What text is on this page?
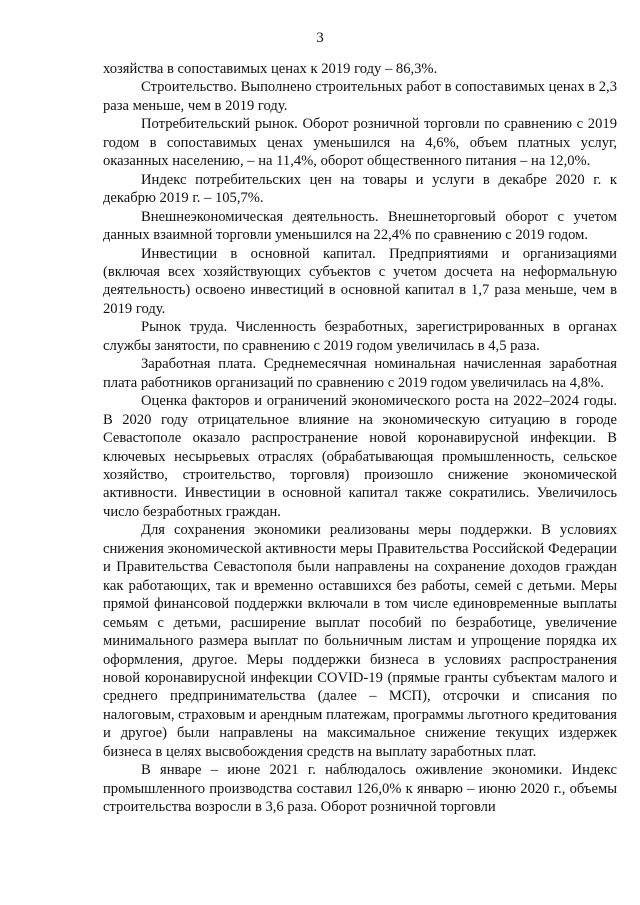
3

хозяйства в сопоставимых ценах к 2019 году – 86,3%.

Строительство. Выполнено строительных работ в сопоставимых ценах в 2,3 раза меньше, чем в 2019 году.

Потребительский рынок. Оборот розничной торговли по сравнению с 2019 годом в сопоставимых ценах уменьшился на 4,6%, объем платных услуг, оказанных населению, – на 11,4%, оборот общественного питания – на 12,0%.

Индекс потребительских цен на товары и услуги в декабре 2020 г. к декабрю 2019 г. – 105,7%.

Внешнеэкономическая деятельность. Внешнеторговый оборот с учетом данных взаимной торговли уменьшился на 22,4% по сравнению с 2019 годом.

Инвестиции в основной капитал. Предприятиями и организациями (включая всех хозяйствующих субъектов с учетом досчета на неформальную деятельность) освоено инвестиций в основной капитал в 1,7 раза меньше, чем в 2019 году.

Рынок труда. Численность безработных, зарегистрированных в органах службы занятости, по сравнению с 2019 годом увеличилась в 4,5 раза.

Заработная плата. Среднемесячная номинальная начисленная заработная плата работников организаций по сравнению с 2019 годом увеличилась на 4,8%.

Оценка факторов и ограничений экономического роста на 2022–2024 годы. В 2020 году отрицательное влияние на экономическую ситуацию в городе Севастополе оказало распространение новой коронавирусной инфекции. В ключевых несырьевых отраслях (обрабатывающая промышленность, сельское хозяйство, строительство, торговля) произошло снижение экономической активности. Инвестиции в основной капитал также сократились. Увеличилось число безработных граждан.

Для сохранения экономики реализованы меры поддержки. В условиях снижения экономической активности меры Правительства Российской Федерации и Правительства Севастополя были направлены на сохранение доходов граждан как работающих, так и временно оставшихся без работы, семей с детьми. Меры прямой финансовой поддержки включали в том числе единовременные выплаты семьям с детьми, расширение выплат пособий по безработице, увеличение минимального размера выплат по больничным листам и упрощение порядка их оформления, другое. Меры поддержки бизнеса в условиях распространения новой коронавирусной инфекции COVID-19 (прямые гранты субъектам малого и среднего предпринимательства (далее – МСП), отсрочки и списания по налоговым, страховым и арендным платежам, программы льготного кредитования и другое) были направлены на максимальное снижение текущих издержек бизнеса в целях высвобождения средств на выплату заработных плат.

В январе – июне 2021 г. наблюдалось оживление экономики. Индекс промышленного производства составил 126,0% к январю – июню 2020 г., объемы строительства возросли в 3,6 раза. Оборот розничной торговли
